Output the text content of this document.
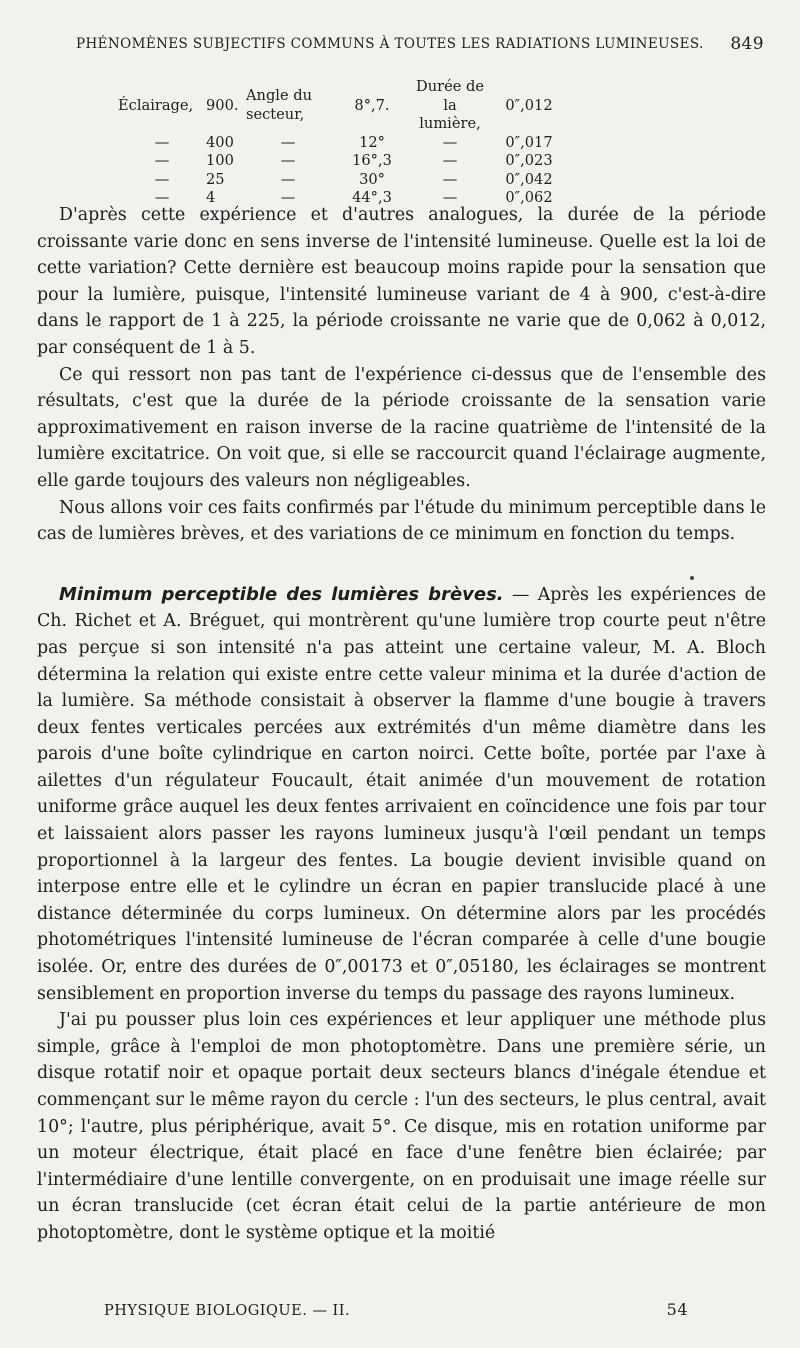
PHÉNOMÈNES SUBJECTIFS COMMUNS À TOUTES LES RADIATIONS LUMINEUSES. 849
Éclairage,	900.	Angle du secteur,	8°,7.	Durée de la lumière,	0″,012
—	400	—	12°	—	0″,017
—	100	—	16°,3	—	0″,023
—	25	—	30°	—	0″,042
—	4	—	44°,3	—	0″,062

D'après cette expérience et d'autres analogues, la durée de la période croissante varie donc en sens inverse de l'intensité lumineuse. Quelle est la loi de cette variation? Cette dernière est beaucoup moins rapide pour la sensation que pour la lumière, puisque, l'intensité lumineuse variant de 4 à 900, c'est-à-dire dans le rapport de 1 à 225, la période croissante ne varie que de 0,062 à 0,012, par conséquent de 1 à 5.

Ce qui ressort non pas tant de l'expérience ci-dessus que de l'ensemble des résultats, c'est que la durée de la période croissante de la sensation varie approximativement en raison inverse de la racine quatrième de l'intensité de la lumière excitatrice. On voit que, si elle se raccourcit quand l'éclairage augmente, elle garde toujours des valeurs non négligeables.

Nous allons voir ces faits confirmés par l'étude du minimum perceptible dans le cas de lumières brèves, et des variations de ce minimum en fonction du temps.

Minimum perceptible des lumières brèves. — Après les expériences de Ch. Richet et A. Bréguet, qui montrèrent qu'une lumière trop courte peut n'être pas perçue si son intensité n'a pas atteint une certaine valeur, M. A. Bloch détermina la relation qui existe entre cette valeur minima et la durée d'action de la lumière. Sa méthode consistait à observer la flamme d'une bougie à travers deux fentes verticales percées aux extrémités d'un même diamètre dans les parois d'une boîte cylindrique en carton noirci. Cette boîte, portée par l'axe à ailettes d'un régulateur Foucault, était animée d'un mouvement de rotation uniforme grâce auquel les deux fentes arrivaient en coïncidence une fois par tour et laissaient alors passer les rayons lumineux jusqu'à l'œil pendant un temps proportionnel à la largeur des fentes. La bougie devient invisible quand on interpose entre elle et le cylindre un écran en papier translucide placé à une distance déterminée du corps lumineux. On détermine alors par les procédés photométriques l'intensité lumineuse de l'écran comparée à celle d'une bougie isolée. Or, entre des durées de 0″,00173 et 0″,05180, les éclairages se montrent sensiblement en proportion inverse du temps du passage des rayons lumineux.

J'ai pu pousser plus loin ces expériences et leur appliquer une méthode plus simple, grâce à l'emploi de mon photoptomètre. Dans une première série, un disque rotatif noir et opaque portait deux secteurs blancs d'inégale étendue et commençant sur le même rayon du cercle : l'un des secteurs, le plus central, avait 10°; l'autre, plus périphérique, avait 5°. Ce disque, mis en rotation uniforme par un moteur électrique, était placé en face d'une fenêtre bien éclairée; par l'intermédiaire d'une lentille convergente, on en produisait une image réelle sur un écran translucide (cet écran était celui de la partie antérieure de mon photoptomètre, dont le système optique et la moitié

PHYSIQUE BIOLOGIQUE. — II.	54
